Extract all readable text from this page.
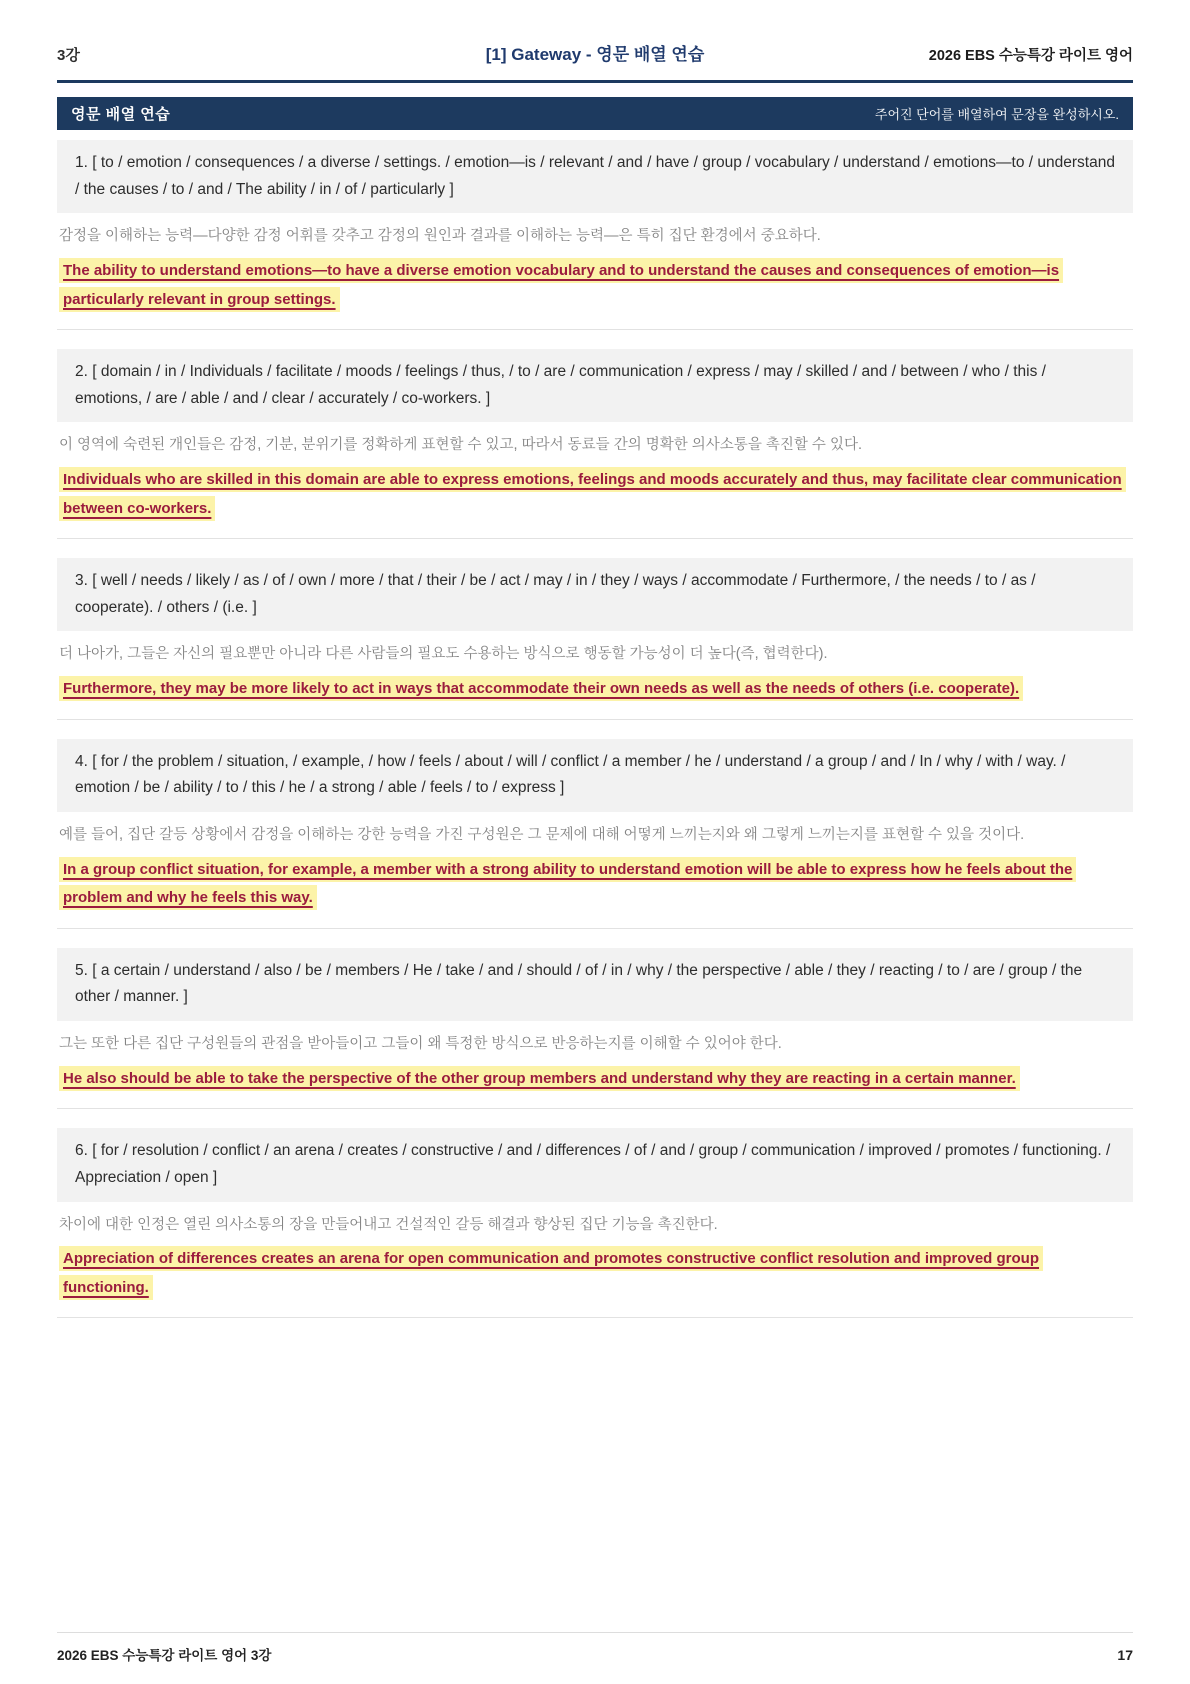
3강	[1] Gateway - 영문 배열 연습	2026 EBS 수능특강 라이트 영어
영문 배열 연습	주어진 단어를 배열하여 문장을 완성하시오.
1. [ to / emotion / consequences / a diverse / settings. / emotion—is / relevant / and / have / group / vocabulary / understand / emotions—to / understand / the causes / to / and / The ability / in / of / particularly ]

감정을 이해하는 능력—다양한 감정 어휘를 갖추고 감정의 원인과 결과를 이해하는 능력—은 특히 집단 환경에서 중요하다.

The ability to understand emotions—to have a diverse emotion vocabulary and to understand the causes and consequences of emotion—is particularly relevant in group settings.

2. [ domain / in / Individuals / facilitate / moods / feelings / thus, / to / are / communication / express / may / skilled / and / between / who / this / emotions, / are / able / and / clear / accurately / co-workers. ]

이 영역에 숙련된 개인들은 감정, 기분, 분위기를 정확하게 표현할 수 있고, 따라서 동료들 간의 명확한 의사소통을 촉진할 수 있다.

Individuals who are skilled in this domain are able to express emotions, feelings and moods accurately and thus, may facilitate clear communication between co-workers.

3. [ well / needs / likely / as / of / own / more / that / their / be / act / may / in / they / ways / accommodate / Furthermore, / the needs / to / as / cooperate). / others / (i.e. ]

더 나아가, 그들은 자신의 필요뿐만 아니라 다른 사람들의 필요도 수용하는 방식으로 행동할 가능성이 더 높다(즉, 협력한다).

Furthermore, they may be more likely to act in ways that accommodate their own needs as well as the needs of others (i.e. cooperate).

4. [ for / the problem / situation, / example, / how / feels / about / will / conflict / a member / he / understand / a group / and / In / why / with / way. / emotion / be / ability / to / this / he / a strong / able / feels / to / express ]

예를 들어, 집단 갈등 상황에서 감정을 이해하는 강한 능력을 가진 구성원은 그 문제에 대해 어떻게 느끼는지와 왜 그렇게 느끼는지를 표현할 수 있을 것이다.

In a group conflict situation, for example, a member with a strong ability to understand emotion will be able to express how he feels about the problem and why he feels this way.

5. [ a certain / understand / also / be / members / He / take / and / should / of / in / why / the perspective / able / they / reacting / to / are / group / the other / manner. ]

그는 또한 다른 집단 구성원들의 관점을 받아들이고 그들이 왜 특정한 방식으로 반응하는지를 이해할 수 있어야 한다.

He also should be able to take the perspective of the other group members and understand why they are reacting in a certain manner.

6. [ for / resolution / conflict / an arena / creates / constructive / and / differences / of / and / group / communication / improved / promotes / functioning. / Appreciation / open ]

차이에 대한 인정은 열린 의사소통의 장을 만들어내고 건설적인 갈등 해결과 향상된 집단 기능을 촉진한다.

Appreciation of differences creates an arena for open communication and promotes constructive conflict resolution and improved group functioning.

2026 EBS 수능특강 라이트 영어 3강	17
